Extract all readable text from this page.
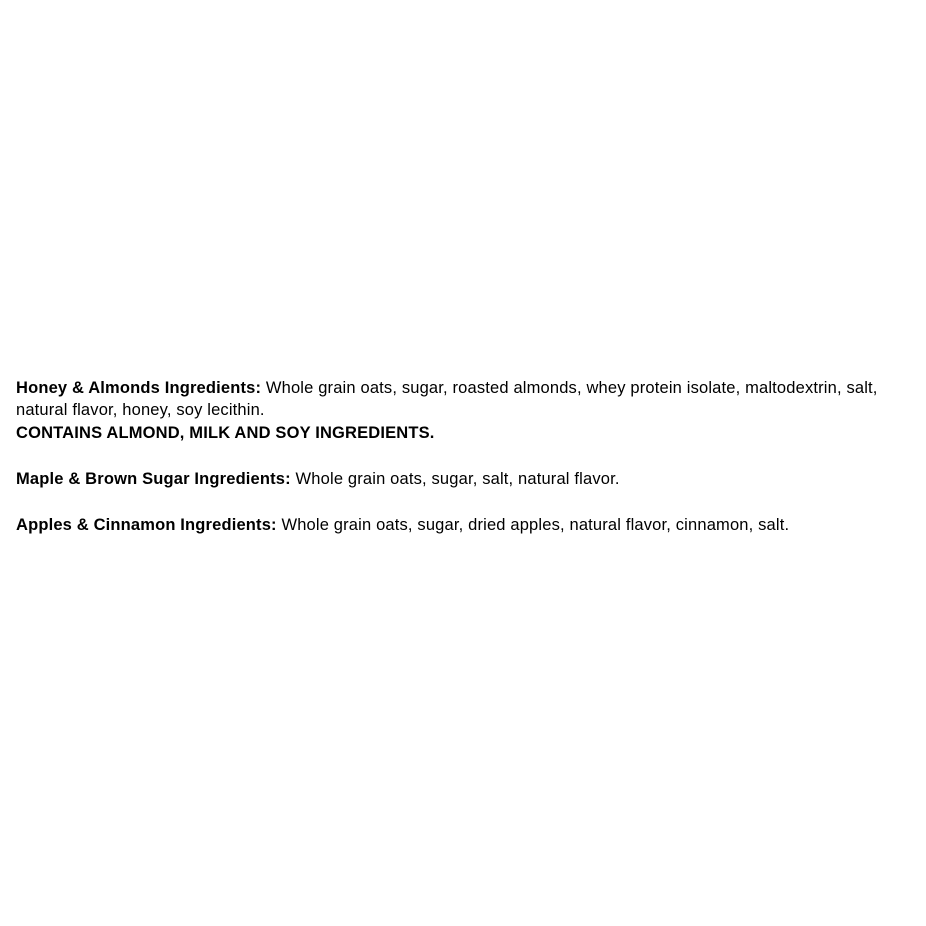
Honey & Almonds Ingredients: Whole grain oats, sugar, roasted almonds, whey protein isolate, maltodextrin, salt, natural flavor, honey, soy lecithin.

CONTAINS ALMOND, MILK AND SOY INGREDIENTS.

Maple & Brown Sugar Ingredients: Whole grain oats, sugar, salt, natural flavor.

Apples & Cinnamon Ingredients: Whole grain oats, sugar, dried apples, natural flavor, cinnamon, salt.
